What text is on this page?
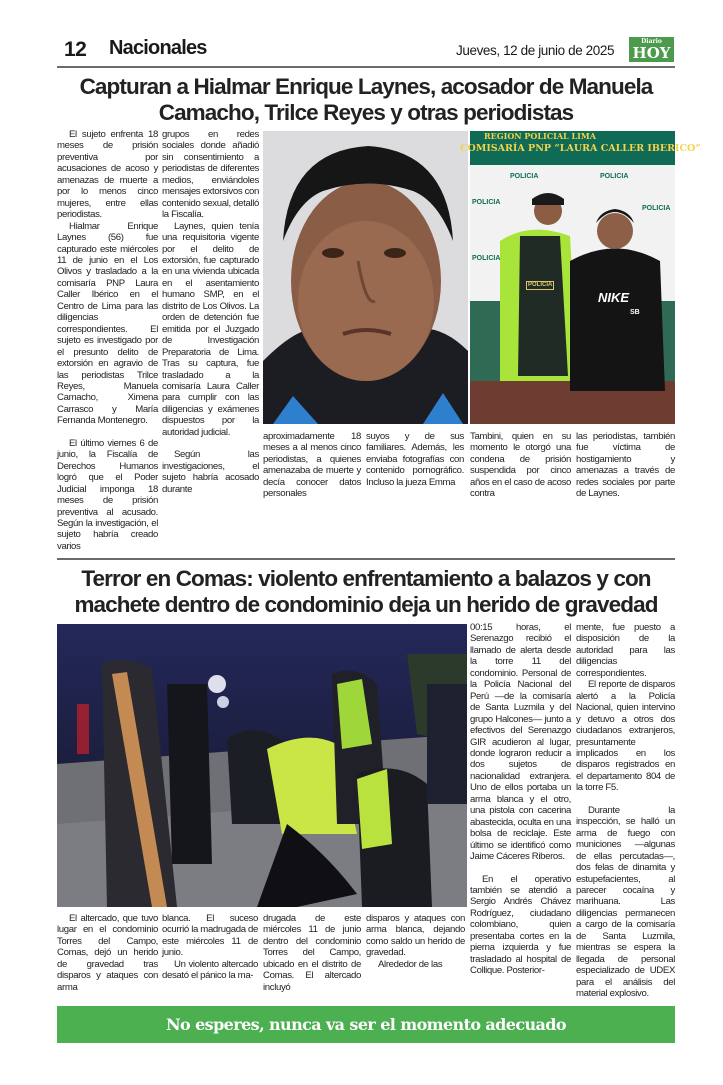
12 Nacionales	Jueves, 12 de junio de 2025
Diario
HOY
Capturan a Hialmar Enrique Laynes, acosador de Manuela
Camacho, Trilce Reyes y otras periodistas

El sujeto enfrenta 18 meses de prisión preventiva por acusaciones de acoso y amenazas de muerte a por lo menos cinco mujeres, entre ellas periodistas.

Hialmar Enrique Laynes (56) fue capturado este miércoles 11 de junio en el Los Olivos y trasladado a la comisaría PNP Laura Caller Ibérico en el Centro de Lima para las diligencias correspondientes. El sujeto es investigado por el presunto delito de extorsión en agravio de las periodistas Trilce Reyes, Manuela Camacho, Ximena Carrasco y María Fernanda Montenegro.

El último viernes 6 de junio, la Fiscalía de Derechos Humanos logró que el Poder Judicial imponga 18 meses de prisión preventiva al acusado. Según la investigación, el sujeto habría creado varios

grupos en redes sociales donde añadió sin consentimiento a periodistas de diferentes medios, enviándoles mensajes extorsivos con contenido sexual, detalló la Fiscalía.

Laynes, quien tenía una requisitoria vigente por el delito de extorsión, fue capturado en una vivienda ubicada en el asentamiento humano SMP, en el distrito de Los Olivos. La orden de detención fue emitida por el Juzgado de Investigación Preparatoria de Lima. Tras su captura, fue trasladado a la comisaría Laura Caller para cumplir con las diligencias y exámenes dispuestos por la autoridad judicial.

Según las investigaciones, el sujeto habría acosado durante

REGION POLICIAL LIMA
COMISARÍA PNP “LAURA CALLER IBERICO”
POLICIA	POLICIA
POLICIA
POLICIA
POLICIA
POLICIA
NIKE
SB

aproximadamente 18 meses a al menos cinco periodistas, a quienes amenazaba de muerte y decía conocer datos personales

suyos y de sus familiares. Además, les enviaba fotografías con contenido pornográfico. Incluso la jueza Emma

Tambini, quien en su momento le otorgó una condena de prisión suspendida por cinco años en el caso de acoso contra

las periodistas, también fue víctima de hostigamiento y amenazas a través de redes sociales por parte de Laynes.

Terror en Comas: violento enfrentamiento a balazos y con
machete dentro de condominio deja un herido de gravedad

00:15 horas, el Serenazgo recibió el llamado de alerta desde la torre 11 del condominio. Personal de la Policía Nacional del Perú —de la comisaría de Santa Luzmila y del grupo Halcones— junto a efectivos del Serenazgo GIR acudieron al lugar, donde lograron reducir a dos sujetos de nacionalidad extranjera. Uno de ellos portaba un arma blanca y el otro, una pistola con cacerina abastecida, oculta en una bolsa de reciclaje. Este último se identificó como Jaime Cáceres Riberos.

En el operativo también se atendió a Sergio Andrés Chávez Rodríguez, ciudadano colombiano, quien presentaba cortes en la pierna izquierda y fue trasladado al hospital de Collique. Posterior-

mente, fue puesto a disposición de la autoridad para las diligencias correspondientes.

El reporte de disparos alertó a la Policía Nacional, quien intervino y detuvo a otros dos ciudadanos extranjeros, presuntamente implicados en los disparos registrados en el departamento 804 de la torre F5.

Durante la inspección, se halló un arma de fuego con municiones —algunas de ellas percutadas—, dos felas de dinamita y estupefacientes, al parecer cocaína y marihuana. Las diligencias permanecen a cargo de la comisaría de Santa Luzmila, mientras se espera la llegada de personal especializado de UDEX para el análisis del material explosivo.

El altercado, que tuvo lugar en el condominio Torres del Campo, Comas, dejó un herido de gravedad tras disparos y ataques con arma

blanca. El suceso ocurrió la madrugada de este miércoles 11 de junio.

Un violento altercado desató el pánico la ma-

drugada de este miércoles 11 de junio dentro del condominio Torres del Campo, ubicado en el distrito de Comas. El altercado incluyó

disparos y ataques con arma blanca, dejando como saldo un herido de gravedad.

Alrededor de las

No esperes, nunca va ser el momento adecuado
